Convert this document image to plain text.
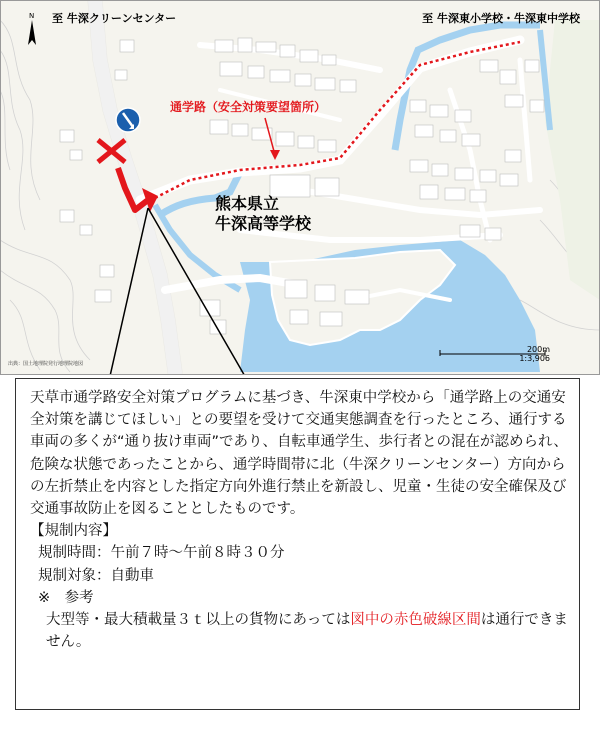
N 至 牛深クリーンセンター	至 牛深東小学校・牛深東中学校
通学路（安全対策要望箇所）
熊本県立
牛深高等学校
200m
1:3,906
出典：国土地理院発行地理院地図

天草市通学路安全対策プログラムに基づき、牛深東中学校から「通学路上の交通安全対策を講じてほしい」との要望を受けて交通実態調査を行ったところ、通行する車両の多くが“通り抜け車両”であり、自転車通学生、歩行者との混在が認められ、危険な状態であったことから、通学時間帯に北（牛深クリーンセンター）方向からの左折禁止を内容とした指定方向外進行禁止を新設し、児童・生徒の安全確保及び交通事故防止を図ることとしたものです。

【規制内容】

規制時間：午前７時〜午前８時３０分

規制対象：自動車

※　参考

大型等・最大積載量３ｔ以上の貨物にあっては図中の赤色破線区間は通行できません。
